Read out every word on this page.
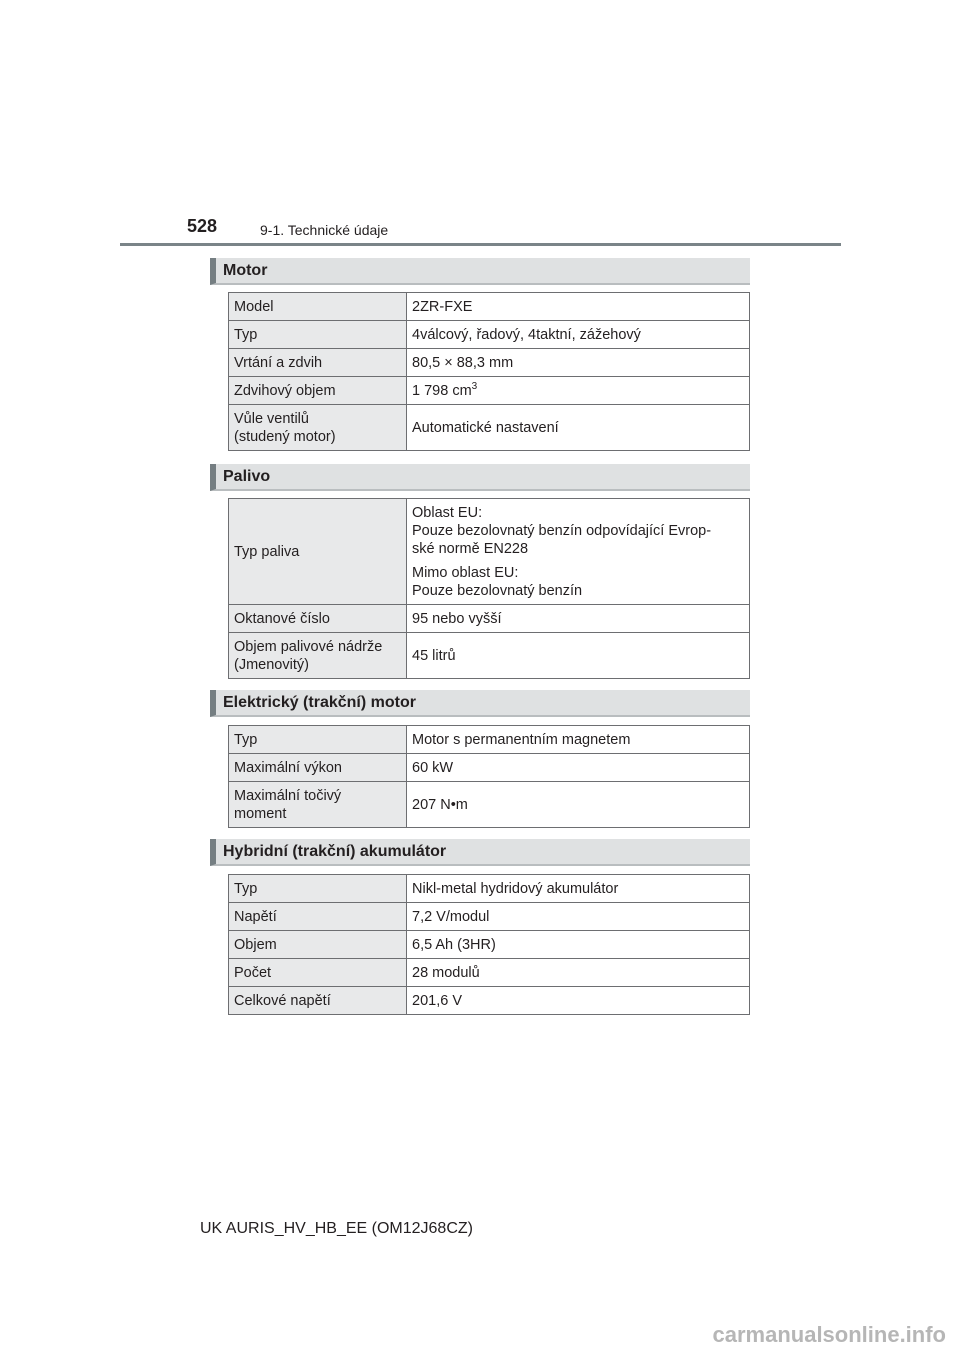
528	9-1. Technické údaje
Motor
Model	2ZR-FXE

Typ	4válcový, řadový, 4taktní, zážehový

Vrtání a zdvih	80,5 × 88,3 mm

Zdvihový objem	1 798 $cm^3$

Vůle ventilů
(studený motor)	Automatické nastavení
Palivo
Typ paliva	Oblast EU:
Pouze bezolovnatý benzín odpovídající Evrop-
ské normě EN228

Mimo oblast EU:
Pouze bezolovnatý benzín

Oktanové číslo	95 nebo vyšší

Objem palivové nádrže
(Jmenovitý)	45 litrů
Elektrický (trakční) motor
Typ	Motor s permanentním magnetem

Maximální výkon	60 kW

Maximální točivý
moment	207 N•m
Hybridní (trakční) akumulátor
Typ	Nikl-metal hydridový akumulátor

Napětí	7,2 V/modul

Objem	6,5 Ah (3HR)

Počet	28 modulů

Celkové napětí	201,6 V
UK AURIS_HV_HB_EE (OM12J68CZ)
carmanualsonline.info
